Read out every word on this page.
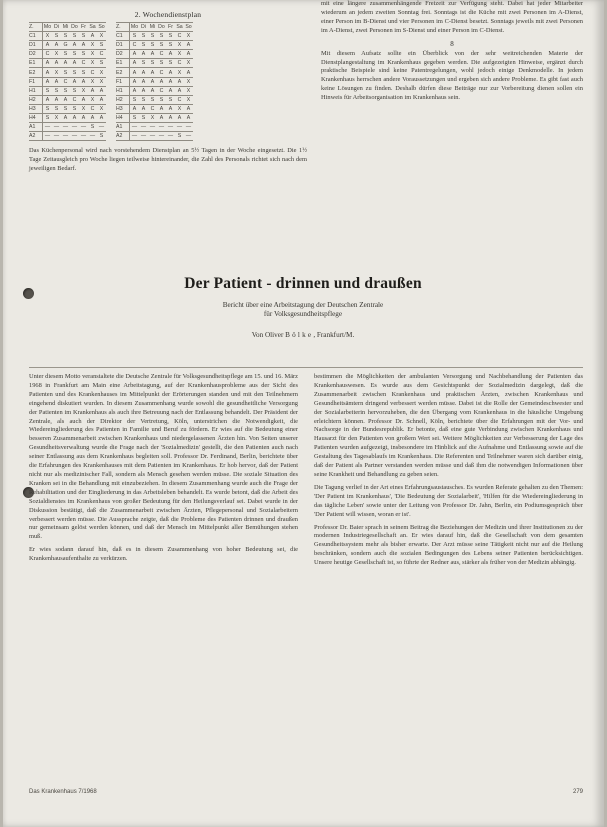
2. Wochendienstplan
Z.	Mo	Di	Mi	Do	Fr	Sa	So
C1	X	S	S	S	S	A	X
D1	A	A	G	A	A	X	S
D2	C	X	S	S	S	X	C
E1	A	A	A	A	C	X	S
E2	A	X	S	S	S	C	X
F1	A	A	C	A	A	X	X
H1	S	S	S	S	X	A	A
H2	A	A	A	C	A	X	A
H3	S	S	S	S	X	C	X
H4	S	X	A	A	A	A	A
A1	—	—	—	—	—	S	—
A2	—	—	—	—	—	—	S
Z.	Mo	Di	Mi	Do	Fr	Sa	So
C1	S	S	S	S	S	C	X
D1	C	S	S	S	S	X	A
D2	A	A	A	C	A	X	A
E1	A	S	S	S	S	C	X
E2	A	A	A	C	A	X	A
F1	A	A	A	A	A	A	X
H1	A	A	A	C	A	A	X
H2	S	S	S	S	S	C	X
H3	A	A	C	A	A	X	A
H4	S	S	X	A	A	A	A
A1	—	—	—	—	—	—	—
A2	—	—	—	—	—	S	—
Das Küchenpersonal wird nach vorstehendem Dienstplan an 5½ Tagen in der Woche eingesetzt. Die 1½ Tage Zeitausgleich pro Woche liegen teilweise hintereinander, die Zahl des Personals richtet sich nach dem jeweiligen Bedarf.
mit eine längere zusammenhängende Freizeit zur Verfügung steht. Dabei hat jeder Mitarbeiter wiederum an jedem zweiten Sonntag frei. Sonntags ist die Küche mit zwei Personen im A-Dienst, einer Person im B-Dienst und vier Personen im C-Dienst besetzt. Sonntags jeweils mit zwei Personen im A-Dienst, zwei Personen im S-Dienst und einer Person im C-Dienst.
8
Mit diesem Aufsatz sollte ein Überblick von der sehr weitreichenden Materie der Dienstplangestaltung im Krankenhaus gegeben werden. Die aufgezeigten Hinweise, ergänzt durch praktische Beispiele sind keine Patentregelungen, wohl jedoch einige Denkmodelle. In jedem Krankenhaus herrschen andere Voraussetzungen und ergeben sich andere Probleme. Es gibt fast auch keine Lösungen zu finden. Deshalb dürfen diese Beiträge nur zur Vorbereitung dienen sollen ein Hinweis für Arbeitsorganisation im Krankenhaus sein.
Der Patient - drinnen und draußen
Bericht über eine Arbeitstagung der Deutschen Zentrale
für Volksgesundheitspflege
Von Oliver Bölke, Frankfurt/M.

Unter diesem Motto veranstaltete die Deutsche Zentrale für Volksgesundheitspflege am 15. und 16. März 1968 in Frankfurt am Main eine Arbeitstagung, auf der Krankenhausprobleme aus der Sicht des Patienten und des Krankenhauses im Mittelpunkt der Erörterungen standen und mit den Teilnehmern eingehend diskutiert wurden. In diesem Zusammenhang wurde sowohl die gesundheitliche Versorgung der Patienten im Krankenhaus als auch ihre Betreuung nach der Entlassung behandelt. Der Präsident der Zentrale, als auch der Direktor der Vertretung, Köln, unterstrichen die Notwendigkeit, die Wiedereingliederung des Patienten in Familie und Beruf zu fördern. Er wies auf die Bedeutung einer besseren Zusammenarbeit zwischen Krankenhaus und niedergelassenen Ärzten hin. Von Seiten unserer Gesundheitsverwaltung wurde die Frage nach der 'Sozialmedizin' gestellt, die den Patienten auch nach seiner Entlassung aus dem Krankenhaus begleiten soll. Professor Dr. Ferdinand, Berlin, berichtete über die Erfahrungen des Krankenhauses mit dem Patienten im Krankenhaus. Er hob hervor, daß der Patient nicht nur als medizinischer Fall, sondern als Mensch gesehen werden müsse. Die soziale Situation des Kranken sei in die Behandlung mit einzubeziehen. In diesem Zusammenhang wurde auch die Frage der Rehabilitation und der Eingliederung in das Arbeitsleben behandelt. Es wurde betont, daß die Arbeit des Sozialdienstes im Krankenhaus von großer Bedeutung für den Heilungsverlauf sei. Dabei wurde in der Diskussion bestätigt, daß die Zusammenarbeit zwischen Ärzten, Pflegepersonal und Sozialarbeitern verbessert werden müsse. Die Aussprache zeigte, daß die Probleme des Patienten drinnen und draußen nur gemeinsam gelöst werden können, und daß der Mensch im Mittelpunkt aller Bemühungen stehen muß.

Er wies sodann darauf hin, daß es in diesem Zusammenhang von hoher Bedeutung sei, die Krankenhausaufenthalte zu verkürzen.

bestimmen die Möglichkeiten der ambulanten Versorgung und Nachbehandlung der Patienten das Krankenhauswesen. Es wurde aus dem Gesichtspunkt der Sozialmedizin dargelegt, daß die Zusammenarbeit zwischen Krankenhaus und praktischen Ärzten, zwischen Krankenhaus und Gesundheitsämtern dringend verbessert werden müsse. Dabei ist die Rolle der Gemeindeschwester und der Sozialarbeiterin hervorzuheben, die den Übergang vom Krankenhaus in die häusliche Umgebung erleichtern können. Professor Dr. Schnell, Köln, berichtete über die Erfahrungen mit der Vor- und Nachsorge in der Bundesrepublik. Er betonte, daß eine gute Verbindung zwischen Krankenhaus und Hausarzt für den Patienten von großem Wert sei. Weitere Möglichkeiten zur Verbesserung der Lage des Patienten wurden aufgezeigt, insbesondere im Hinblick auf die Aufnahme und Entlassung sowie auf die Gestaltung des Tagesablaufs im Krankenhaus. Die Referenten und Teilnehmer waren sich darüber einig, daß der Patient als Partner verstanden werden müsse und daß ihm die notwendigen Informationen über seine Krankheit und Behandlung zu geben seien.

Die Tagung verlief in der Art eines Erfahrungsaustausches. Es wurden Referate gehalten zu den Themen: 'Der Patient im Krankenhaus', 'Die Bedeutung der Sozialarbeit', 'Hilfen für die Wiedereingliederung in das tägliche Leben' sowie unter der Leitung von Professor Dr. Jahn, Berlin, ein Podiumsgespräch über 'Der Patient will wissen, woran er ist'.

Professor Dr. Baier sprach in seinem Beitrag die Beziehungen der Medizin und ihrer Institutionen zu der modernen Industriegesellschaft an. Er wies darauf hin, daß die Gesellschaft von dem gesamten Gesundheitssystem mehr als bisher erwarte. Der Arzt müsse seine Tätigkeit nicht nur auf die Heilung beschränken, sondern auch die sozialen Bedingungen des Lebens seiner Patienten berücksichtigen. Unsere heutige Gesellschaft ist, so führte der Redner aus, stärker als früher von der Medizin abhängig.

Das Krankenhaus 7/1968	279
